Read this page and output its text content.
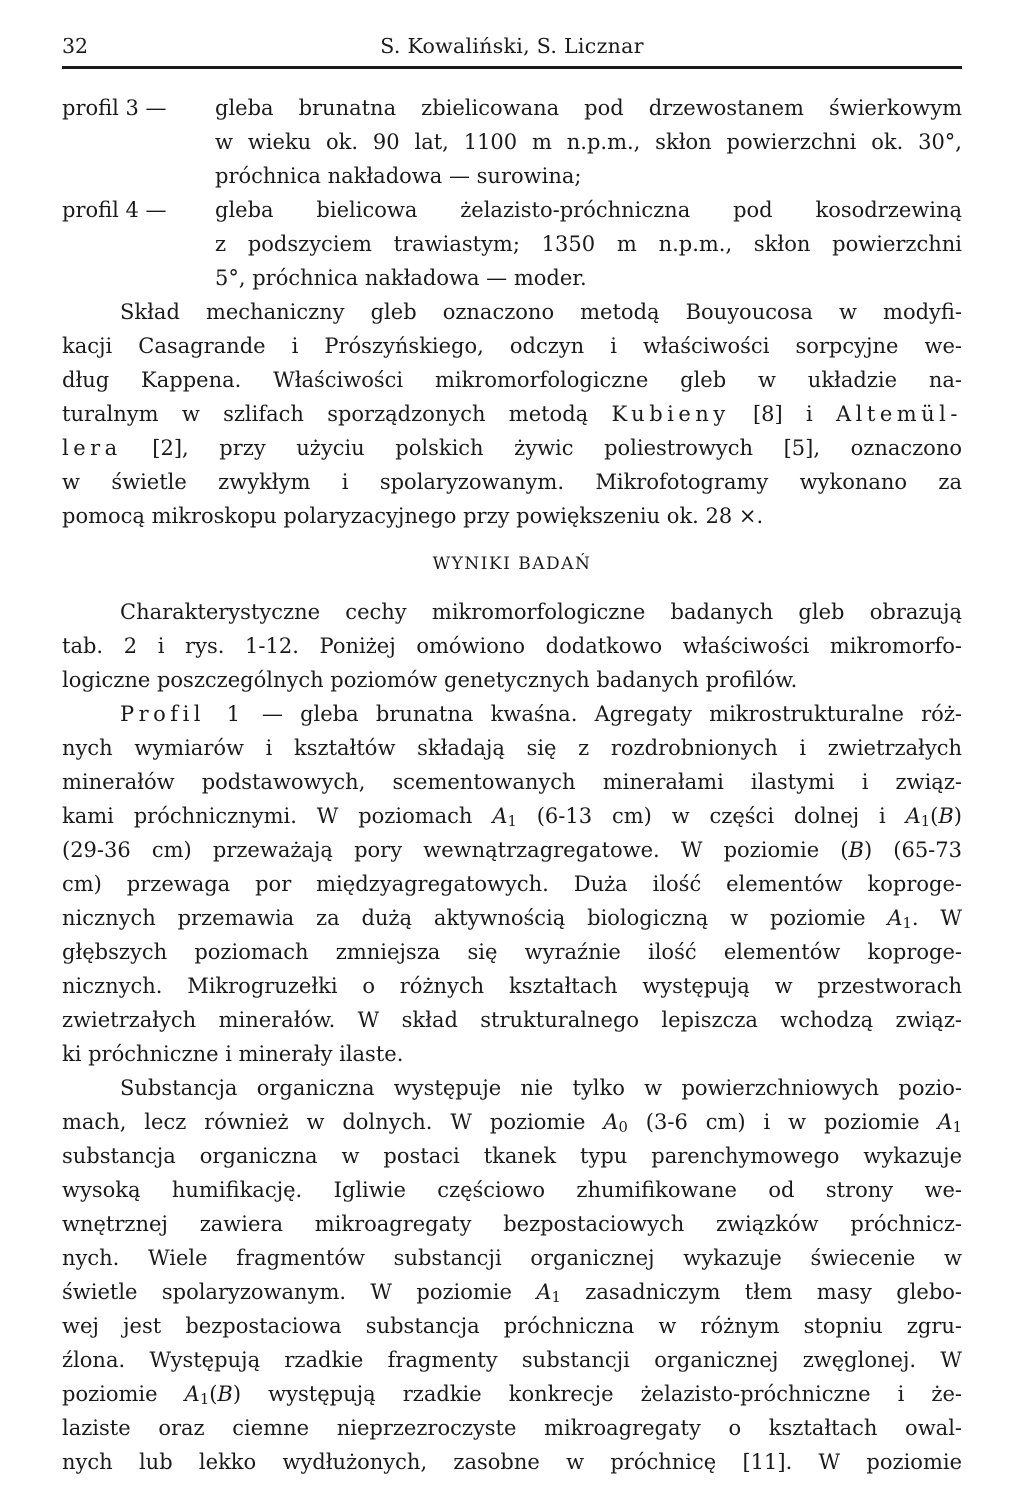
32	S. Kowaliński, S. Licznar
profil 3 —	gleba brunatna zbielicowana pod drzewostanem świerkowym
w wieku ok. 90 lat, 1100 m n.p.m., skłon powierzchni ok. 30°,
próchnica nakładowa — surowina;
profil 4 —	gleba bielicowa żelazisto-próchniczna pod kosodrzewiną
z podszyciem trawiastym; 1350 m n.p.m., skłon powierzchni
5°, próchnica nakładowa — moder.
Skład mechaniczny gleb oznaczono metodą Bouyoucosa w modyfi-
kacji Casagrande i Prószyńskiego, odczyn i właściwości sorpcyjne we-
dług Kappena. Właściwości mikromorfologiczne gleb w układzie na-
turalnym w szlifach sporządzonych metodą Kubieny [8] i Altemül-
lera [2], przy użyciu polskich żywic poliestrowych [5], oznaczono
w świetle zwykłym i spolaryzowanym. Mikrofotogramy wykonano za
pomocą mikroskopu polaryzacyjnego przy powiększeniu ok. 28 ×.
WYNIKI BADAŃ
Charakterystyczne cechy mikromorfologiczne badanych gleb obrazują
tab. 2 i rys. 1-12. Poniżej omówiono dodatkowo właściwości mikromorfo-
logiczne poszczególnych poziomów genetycznych badanych profilów.
Profil 1 — gleba brunatna kwaśna. Agregaty mikrostrukturalne róż-
nych wymiarów i kształtów składają się z rozdrobnionych i zwietrzałych
minerałów podstawowych, scementowanych minerałami ilastymi i związ-
kami próchnicznymi. W poziomach $A_1$ (6-13 cm) w części dolnej i $A_1(B)$
(29-36 cm) przeważają pory wewnątrzagregatowe. W poziomie (B) (65-73
cm) przewaga por międzyagregatowych. Duża ilość elementów koproge-
nicznych przemawia za dużą aktywnością biologiczną w poziomie $A_1$. W
głębszych poziomach zmniejsza się wyraźnie ilość elementów koproge-
nicznych. Mikrogruzełki o różnych kształtach występują w przestworach
zwietrzałych minerałów. W skład strukturalnego lepiszcza wchodzą związ-
ki próchniczne i minerały ilaste.
Substancja organiczna występuje nie tylko w powierzchniowych pozio-
mach, lecz również w dolnych. W poziomie $A_0$ (3-6 cm) i w poziomie $A_1$
substancja organiczna w postaci tkanek typu parenchymowego wykazuje
wysoką humifikację. Igliwie częściowo zhumifikowane od strony we-
wnętrznej zawiera mikroagregaty bezpostaciowych związków próchnicz-
nych. Wiele fragmentów substancji organicznej wykazuje świecenie w
świetle spolaryzowanym. W poziomie $A_1$ zasadniczym tłem masy glebo-
wej jest bezpostaciowa substancja próchniczna w różnym stopniu zgru-
źlona. Występują rzadkie fragmenty substancji organicznej zwęglonej. W
poziomie $A_1(B)$ występują rzadkie konkrecje żelazisto-próchniczne i że-
laziste oraz ciemne nieprzezroczyste mikroagregaty o kształtach owal-
nych lub lekko wydłużonych, zasobne w próchnicę [11]. W poziomie
